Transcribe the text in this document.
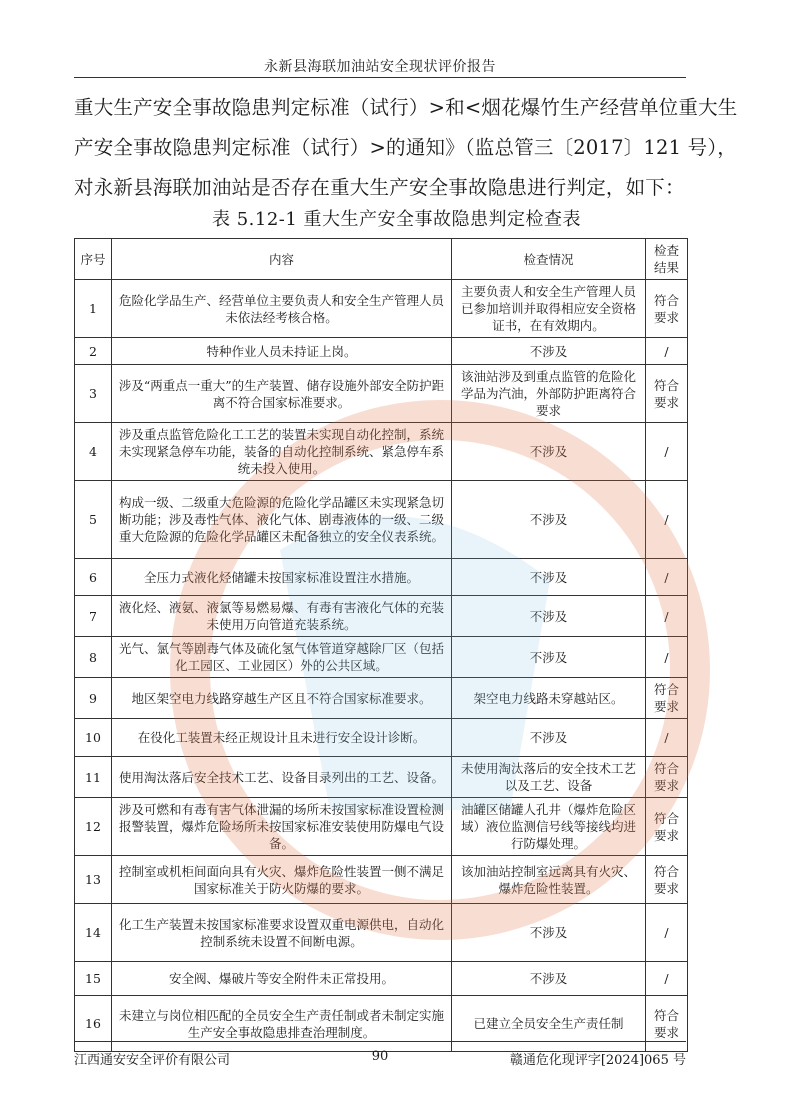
永新县海联加油站安全现状评价报告

重大生产安全事故隐患判定标准（试行）>和<烟花爆竹生产经营单位重大生

产安全事故隐患判定标准（试行）>的通知》（监总管三〔2017〕121 号），

对永新县海联加油站是否存在重大生产安全事故隐患进行判定，如下：

表 5.12-1 重大生产安全事故隐患判定检查表
序号	内容	检查情况	检查结果
1	危险化学品生产、经营单位主要负责人和安全生产管理人员未依法经考核合格。	主要负责人和安全生产管理人员已参加培训并取得相应安全资格证书，在有效期内。	符合要求
2	特种作业人员未持证上岗。	不涉及	/
3	涉及“两重点一重大”的生产装置、储存设施外部安全防护距离不符合国家标准要求。	该油站涉及到重点监管的危险化学品为汽油，外部防护距离符合要求	符合要求
4	涉及重点监管危险化工工艺的装置未实现自动化控制，系统未实现紧急停车功能，装备的自动化控制系统、紧急停车系统未投入使用。	不涉及	/
5	构成一级、二级重大危险源的危险化学品罐区未实现紧急切断功能；涉及毒性气体、液化气体、剧毒液体的一级、二级重大危险源的危险化学品罐区未配备独立的安全仪表系统。	不涉及	/
6	全压力式液化烃储罐未按国家标准设置注水措施。	不涉及	/
7	液化烃、液氨、液氯等易燃易爆、有毒有害液化气体的充装未使用万向管道充装系统。	不涉及	/
8	光气、氯气等剧毒气体及硫化氢气体管道穿越除厂区（包括化工园区、工业园区）外的公共区域。	不涉及	/
9	地区架空电力线路穿越生产区且不符合国家标准要求。	架空电力线路未穿越站区。	符合要求
10	在役化工装置未经正规设计且未进行安全设计诊断。	不涉及	/
11	使用淘汰落后安全技术工艺、设备目录列出的工艺、设备。	未使用淘汰落后的安全技术工艺以及工艺、设备	符合要求
12	涉及可燃和有毒有害气体泄漏的场所未按国家标准设置检测报警装置，爆炸危险场所未按国家标准安装使用防爆电气设备。	油罐区储罐人孔井（爆炸危险区域）液位监测信号线等接线均进行防爆处理。	符合要求
13	控制室或机柜间面向具有火灾、爆炸危险性装置一侧不满足国家标准关于防火防爆的要求。	该加油站控制室远离具有火灾、爆炸危险性装置。	符合要求
14	化工生产装置未按国家标准要求设置双重电源供电，自动化控制系统未设置不间断电源。	不涉及	/
15	安全阀、爆破片等安全附件未正常投用。	不涉及	/
16	未建立与岗位相匹配的全员安全生产责任制或者未制定实施生产安全事故隐患排查治理制度。	已建立全员安全生产责任制	符合要求
江西通安安全评价有限公司	90	赣通危化现评字[2024]065 号
